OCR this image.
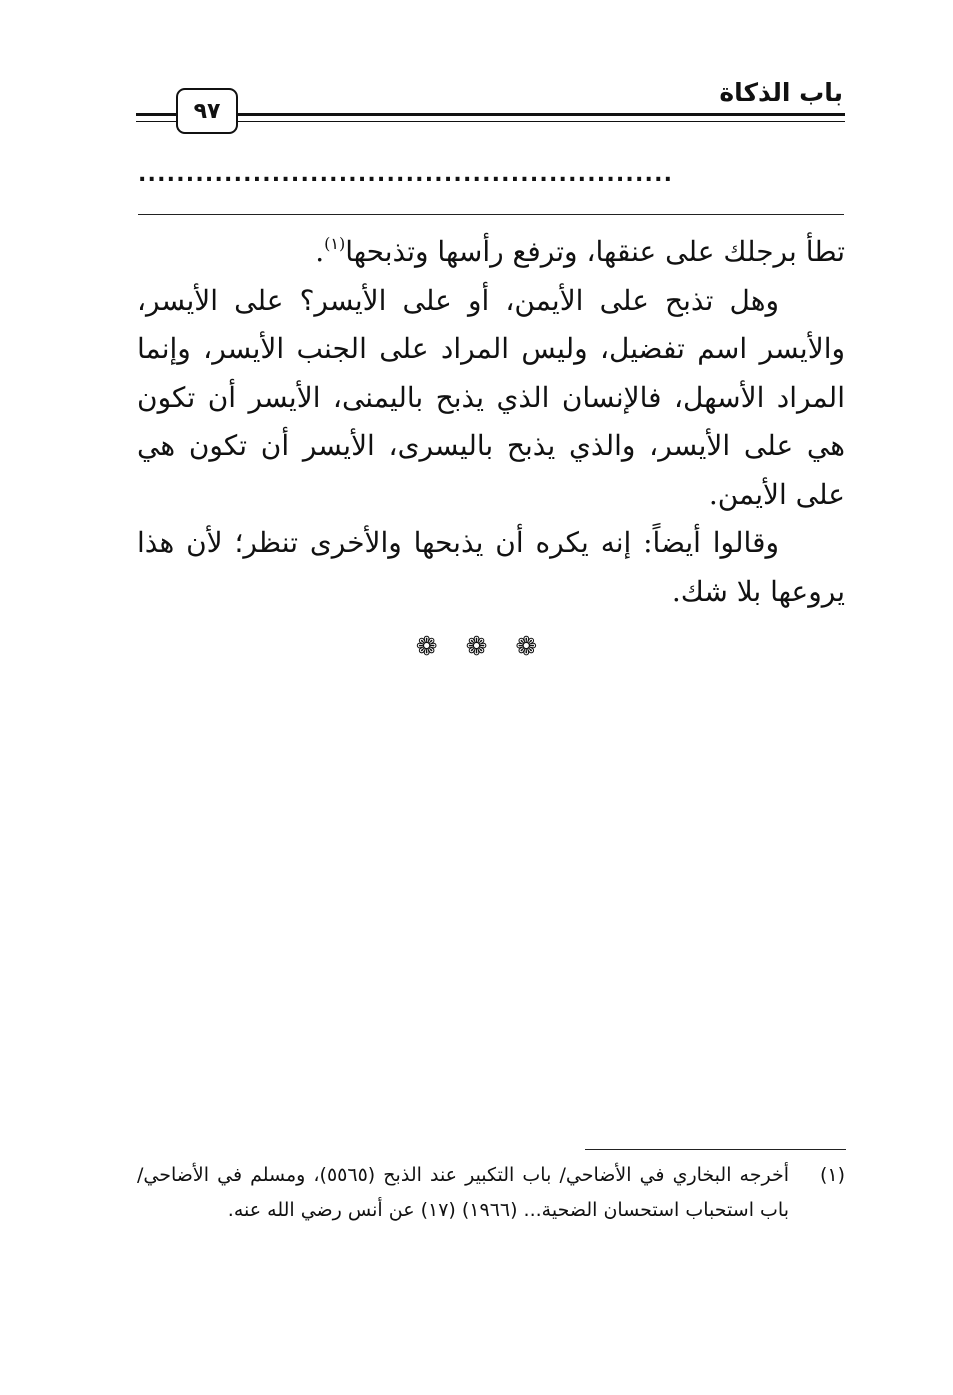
باب الذكاة
٩٧
........................................................

تطأ برجلك على عنقها، وترفع رأسها وتذبحها$^{(١)}$.

وهل تذبح على الأيمن، أو على الأيسر؟ على الأيسر، والأيسر اسم تفضيل، وليس المراد على الجنب الأيسر، وإنما المراد الأسهل، فالإنسان الذي يذبح باليمنى، الأيسر أن تكون هي على الأيسر، والذي يذبح باليسرى، الأيسر أن تكون هي على الأيمن.

وقالوا أيضاً: إنه يكره أن يذبحها والأخرى تنظر؛ لأن هذا يروعها بلا شك.

❁ ❁ ❁
(١)
أخرجه البخاري في الأضاحي/ باب التكبير عند الذبح (٥٥٦٥)، ومسلم في الأضاحي/ باب استحباب استحسان الضحية... (١٩٦٦) (١٧) عن أنس رضي الله عنه.
